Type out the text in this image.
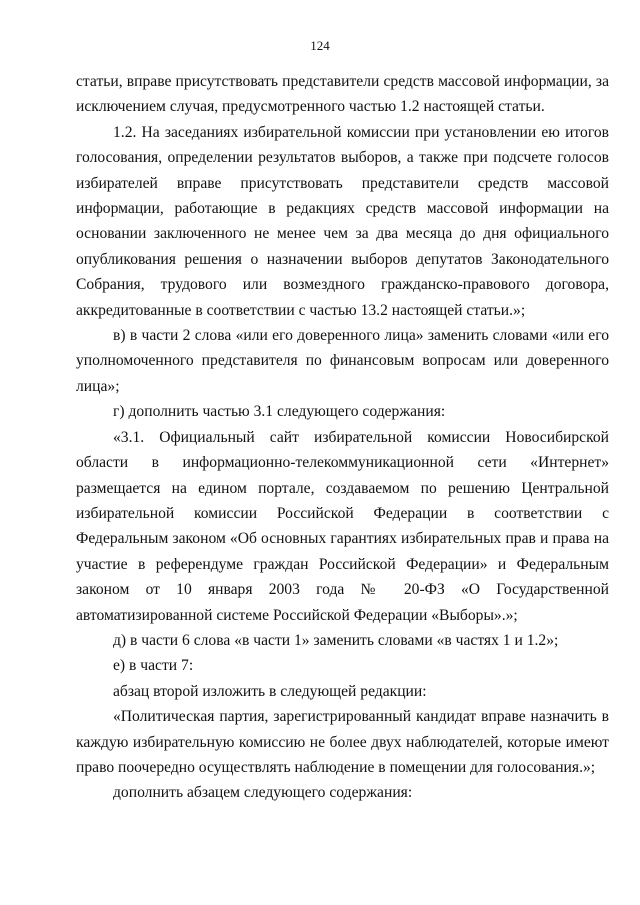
124

статьи, вправе присутствовать представители средств массовой информации, за исключением случая, предусмотренного частью 1.2 настоящей статьи.

1.2. На заседаниях избирательной комиссии при установлении ею итогов голосования, определении результатов выборов, а также при подсчете голосов избирателей вправе присутствовать представители средств массовой информации, работающие в редакциях средств массовой информации на основании заключенного не менее чем за два месяца до дня официального опубликования решения о назначении выборов депутатов Законодательного Собрания, трудового или возмездного гражданско-правового договора, аккредитованные в соответствии с частью 13.2 настоящей статьи.»;

в) в части 2 слова «или его доверенного лица» заменить словами «или его уполномоченного представителя по финансовым вопросам или доверенного лица»;

г) дополнить частью 3.1 следующего содержания:

«3.1. Официальный сайт избирательной комиссии Новосибирской области в информационно-телекоммуникационной сети «Интернет» размещается на едином портале, создаваемом по решению Центральной избирательной комиссии Российской Федерации в соответствии с Федеральным законом «Об основных гарантиях избирательных прав и права на участие в референдуме граждан Российской Федерации» и Федеральным законом от 10 января 2003 года № 20-ФЗ «О Государственной автоматизированной системе Российской Федерации «Выборы».»;

д) в части 6 слова «в части 1» заменить словами «в частях 1 и 1.2»;

е) в части 7:

абзац второй изложить в следующей редакции:

«Политическая партия, зарегистрированный кандидат вправе назначить в каждую избирательную комиссию не более двух наблюдателей, которые имеют право поочередно осуществлять наблюдение в помещении для голосования.»;

дополнить абзацем следующего содержания:
